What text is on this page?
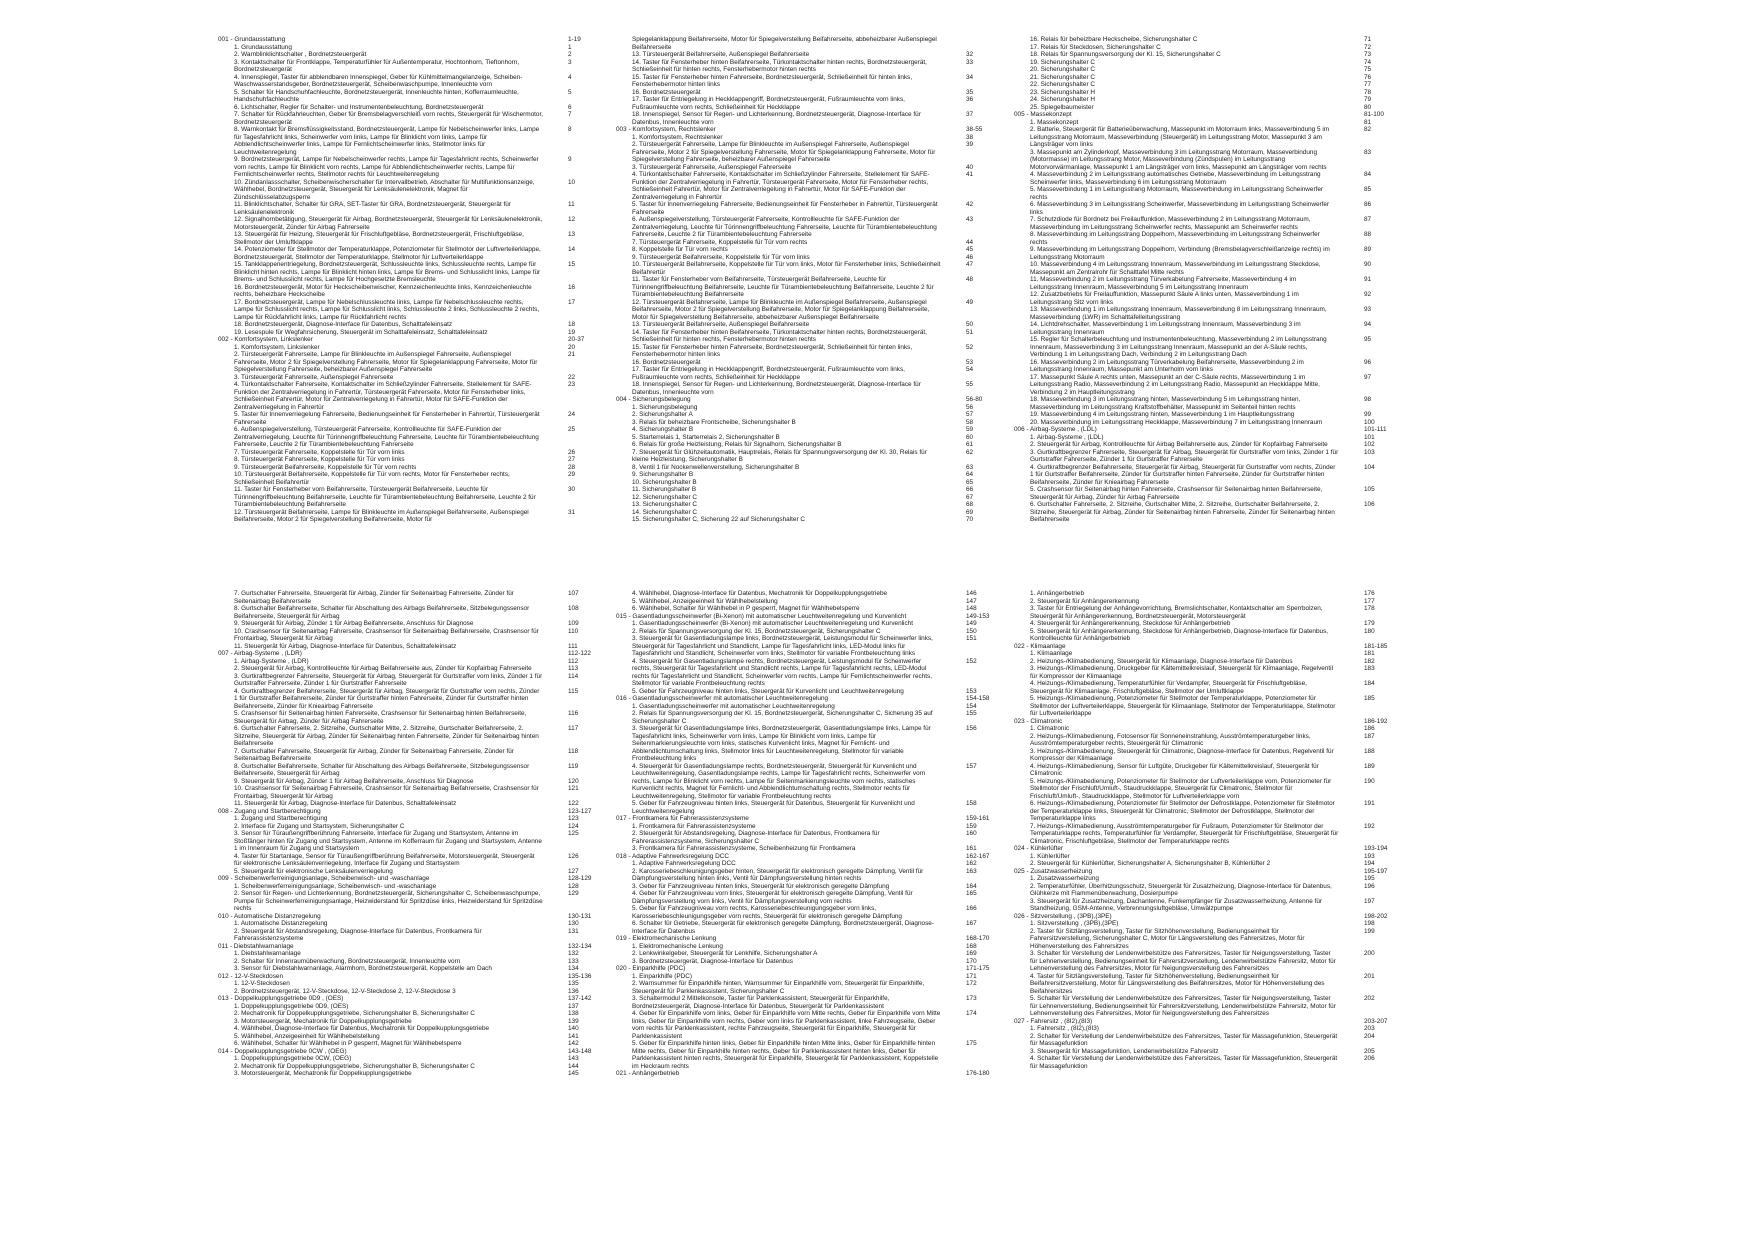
001 - Grundausstattung	1-19
1. Grundausstattung	1
2. Warnblinklichtschalter , Bordnetzsteuergerät	2
3. Kontaktschalter für Frontklappe, Temperaturfühler für Außentemperatur, Hochtonhorn, Tieftonhorn, Bordnetzsteuergerät
3
4. Innenspiegel, Taster für abblendbaren Innenspiegel, Geber für Kühlmittelmangelanzeige, Scheiben-Waschwasserstandsgeber, Bordnetzsteuergerät, Scheibenwaschpumpe, Innenleuchte vorn
4
5. Schalter für Handschuhfachleuchte, Bordnetzsteuergerät, Innenleuchte hinten, Kofferraumleuchte, Handschuhfachleuchte
5
6. Lichtschalter, Regler für Schalter- und Instrumentenbeleuchtung, Bordnetzsteuergerät	6
7. Schalter für Rückfahrleuchten, Geber für Bremsbelagverschleiß vorn rechts, Steuergerät für Wischermotor, Bordnetzsteuergerät
7
8. Warnkontakt für Bremsflüssigkeitsstand, Bordnetzsteuergerät, Lampe für Nebelscheinwerfer links, Lampe für Tagesfahrlicht links, Scheinwerfer vorn links, Lampe für Blinklicht vorn links, Lampe für Abblendlichtscheinwerfer links, Lampe für Fernlichtscheinwerfer links, Stellmotor links für Leuchtweitenregelung
8
9. Bordnetzsteuergerät, Lampe für Nebelscheinwerfer rechts, Lampe für Tagesfahrlicht rechts, Scheinwerfer vorn rechts, Lampe für Blinklicht vorn rechts, Lampe für Abblendlichtscheinwerfer rechts, Lampe für Fernlichtscheinwerfer rechts, Stellmotor rechts für Leuchtweitenregelung
9
10. Zündanlassschalter, Scheibenwischerschalter für Intervallbetrieb, Abschalter für Multifunktionsanzeige, Wählhebel, Bordnetzsteuergerät, Steuergerät für Lenksäulenelektronik, Magnet für Zündschlüsselabzugsperre
10
11. Blinklichtschalter, Schalter für GRA, SET-Taster für GRA, Bordnetzsteuergerät, Steuergerät für Lenksäulenelektronik
11
12. Signalhornbetätigung, Steuergerät für Airbag, Bordnetzsteuergerät, Steuergerät für Lenksäulenelektronik, Motorsteuergerät, Zünder für Airbag Fahrerseite
12
13. Steuergerät für Heizung, Steuergerät für Frischluftgebläse, Bordnetzsteuergerät, Frischluftgebläse, Stellmotor der Umluftklappe
13
14. Potenziometer für Stellmotor der Temperaturklappe, Potenziometer für Stellmotor der Luftverteilerklappe, Bordnetzsteuergerät, Stellmotor der Temperaturklappe, Stellmotor für Luftverteilerklappe
14
15. Tankklappenentriegelung, Bordnetzsteuergerät, Schlussleuchte links, Schlussleuchte rechts, Lampe für Blinklicht hinten rechts, Lampe für Blinklicht hinten links, Lampe für Brems- und Schlusslicht links, Lampe für Brems- und Schlusslicht rechts, Lampe für Hochgesetzte Bremsleuchte
15
16. Bordnetzsteuergerät, Motor für Heckscheibenwischer, Kennzeichenleuchte links, Kennzeichenleuchte rechts, beheizbare Heckscheibe
16
17. Bordnetzsteuergerät, Lampe für Nebelschlussleuchte links, Lampe für Nebelschlussleuchte rechts, Lampe für Schlusslicht rechts, Lampe für Schlusslicht links, Schlussleuchte 2 links, Schlussleuchte 2 rechts, Lampe für Rückfahrlicht links, Lampe für Rückfahrlicht rechts
17
18. Bordnetzsteuergerät, Diagnose-Interface für Datenbus, Schalttafeleinsatz	18
19. Lesespule für Wegfahrsicherung, Steuergerät im Schalttafeleinsatz, Schalttafeleinsatz	19
002 - Komfortsystem, Linkslenker	20-37
1. Komfortsystem, Linkslenker	20
2. Türsteuergerät Fahrerseite, Lampe für Blinkleuchte im Außenspiegel Fahrerseite, Außenspiegel Fahrerseite, Motor 2 für Spiegelverstellung Fahrerseite, Motor für Spiegelanklappung Fahrerseite, Motor für Spiegelverstellung Fahrerseite, beheizbarer Außenspiegel Fahrerseite
21
3. Türsteuergerät Fahrerseite, Außenspiegel Fahrerseite	22
4. Türkontaktschalter Fahrerseite, Kontaktschalter im Schließzylinder Fahrerseite, Stellelement für SAFE-Funktion der Zentralverriegelung in Fahrertür, Türsteuergerät Fahrerseite, Motor für Fensterheber links, Schließeinheit Fahrertür, Motor für Zentralverriegelung in Fahrertür, Motor für SAFE-Funktion der Zentralverriegelung in Fahrertür
23
5. Taster für Innenverriegelung Fahrerseite, Bedienungseinheit für Fensterheber in Fahrertür, Türsteuergerät Fahrerseite
24
6. Außenspiegelverstellung, Türsteuergerät Fahrerseite, Kontrollleuchte für SAFE-Funktion der Zentralverriegelung, Leuchte für Türinnengriffbeleuchtung Fahrerseite, Leuchte für Türambientebeleuchtung Fahrerseite, Leuchte 2 für Türambientebeleuchtung Fahrerseite
25
7. Türsteuergerät Fahrerseite, Koppelstelle für Tür vorn links	26
8. Türsteuergerät Fahrerseite, Koppelstelle für Tür vorn links	27
9. Türsteuergerät Beifahrerseite, Koppelstelle für Tür vorn rechts	28
10. Türsteuergerät Beifahrerseite, Koppelstelle für Tür vorn rechts, Motor für Fensterheber rechts, Schließeinheit Beifahrertür
29
11. Taster für Fensterheber vorn Beifahrerseite, Türsteuergerät Beifahrerseite, Leuchte für Türinnengriffbeleuchtung Beifahrerseite, Leuchte für Türambientebeleuchtung Beifahrerseite, Leuchte 2 für Türambientebeleuchtung Beifahrerseite
30
12. Türsteuergerät Beifahrerseite, Lampe für Blinkleuchte im Außenspiegel Beifahrerseite, Außenspiegel Beifahrerseite, Motor 2 für Spiegelverstellung Beifahrerseite, Motor für
31
Spiegelanklappung Beifahrerseite, Motor für Spiegelverstellung Beifahrerseite, abbeheizbarer Außenspiegel Beifahrerseite
13. Türsteuergerät Beifahrerseite, Außenspiegel Beifahrerseite	32
14. Taster für Fensterheber hinten Beifahrerseite, Türkontaktschalter hinten rechts, Bordnetzsteuergerät, Schließeinheit für hinten rechts, Fensterhebermotor hinten rechts
33
15. Taster für Fensterheber hinten Fahrerseite, Bordnetzsteuergerät, Schließeinheit für hinten links, Fensterhebermotor hinten links
34
16. Bordnetzsteuergerät	35
17. Taster für Entriegelung in Heckklappengriff, Bordnetzsteuergerät, Fußraumleuchte vorn links, Fußraumleuchte vorn rechts, Schließeinheit für Heckklappe
36
18. Innenspiegel, Sensor für Regen- und Lichterkennung, Bordnetzsteuergerät, Diagnose-Interface für Datenbus, Innenleuchte vorn
37
003 - Komfortsystem, Rechtslenker	38-55
1. Komfortsystem, Rechtslenker	38
2. Türsteuergerät Fahrerseite, Lampe für Blinkleuchte im Außenspiegel Fahrerseite, Außenspiegel Fahrerseite, Motor 2 für Spiegelverstellung Fahrerseite, Motor für Spiegelanklappung Fahrerseite, Motor für Spiegelverstellung Fahrerseite, beheizbarer Außenspiegel Fahrerseite
39
3. Türsteuergerät Fahrerseite, Außenspiegel Fahrerseite	40
4. Türkontaktschalter Fahrerseite, Kontaktschalter im Schließzylinder Fahrerseite, Stellelement für SAFE-Funktion der Zentralverriegelung in Fahrertür, Türsteuergerät Fahrerseite, Motor für Fensterheber rechts, Schließeinheit Fahrertür, Motor für Zentralverriegelung in Fahrertür, Motor für SAFE-Funktion der Zentralverriegelung in Fahrertür
41
5. Taster für Innenverriegelung Fahrerseite, Bedienungseinheit für Fensterheber in Fahrertür, Türsteuergerät Fahrerseite
42
6. Außenspiegelverstellung, Türsteuergerät Fahrerseite, Kontrollleuchte für SAFE-Funktion der Zentralverriegelung, Leuchte für Türinnengriffbeleuchtung Fahrerseite, Leuchte für Türambientebeleuchtung Fahrerseite, Leuchte 2 für Türambientebeleuchtung Fahrerseite
43
7. Türsteuergerät Fahrerseite, Koppelstelle für Tür vorn rechts	44
8. Koppelstelle für Tür vorn rechts	45
9. Türsteuergerät Beifahrerseite, Koppelstelle für Tür vorn links	46
10. Türsteuergerät Beifahrerseite, Koppelstelle für Tür vorn links, Motor für Fensterheber links, Schließeinheit Beifahrertür
47
11. Taster für Fensterheber vorn Beifahrerseite, Türsteuergerät Beifahrerseite, Leuchte für Türinnengriffbeleuchtung Beifahrerseite, Leuchte für Türambientebeleuchtung Beifahrerseite, Leuchte 2 für Türambientebeleuchtung Beifahrerseite
48
12. Türsteuergerät Beifahrerseite, Lampe für Blinkleuchte im Außenspiegel Beifahrerseite, Außenspiegel Beifahrerseite, Motor 2 für Spiegelverstellung Beifahrerseite, Motor für Spiegelanklappung Beifahrerseite, Motor für Spiegelverstellung Beifahrerseite, abbeheizbarer Außenspiegel Beifahrerseite
49
13. Türsteuergerät Beifahrerseite, Außenspiegel Beifahrerseite	50
14. Taster für Fensterheber hinten Beifahrerseite, Türkontaktschalter hinten rechts, Bordnetzsteuergerät, Schließeinheit für hinten rechts, Fensterhebermotor hinten rechts
51
15. Taster für Fensterheber hinten Fahrerseite, Bordnetzsteuergerät, Schließeinheit für hinten links, Fensterhebermotor hinten links
52
16. Bordnetzsteuergerät	53
17. Taster für Entriegelung in Heckklappengriff, Bordnetzsteuergerät, Fußraumleuchte vorn links, Fußraumleuchte vorn rechts, Schließeinheit für Heckklappe
54
18. Innenspiegel, Sensor für Regen- und Lichterkennung, Bordnetzsteuergerät, Diagnose-Interface für Datenbus, Innenleuchte vorn
55
004 - Sicherungsbelegung	56-80
1. Sicherungsbelegung	56
2. Sicherungshalter A	57
3. Relais für beheizbare Frontscheibe, Sicherungshalter B	58
4. Sicherungshalter B	59
5. Starterrelais 1, Starterrelais 2, Sicherungshalter B	60
6. Relais für große Heizleistung, Relais für Signalhorn, Sicherungshalter B	61
7. Steuergerät für Glühzeitautomatik, Hauptrelais, Relais für Spannungsversorgung der Kl. 30, Relais für kleine Heizleistung, Sicherungshalter B
62
8. Ventil 1 für Nockenwellenverstellung, Sicherungshalter B	63
9. Sicherungshalter B	64
10. Sicherungshalter B	65
11. Sicherungshalter B	66
12. Sicherungshalter C	67
13. Sicherungshalter C	68
14. Sicherungshalter C	69
15. Sicherungshalter C, Sicherung 22 auf Sicherungshalter C	70
16. Relais für beheizbare Heckscheibe, Sicherungshalter C	71
17. Relais für Steckdosen, Sicherungshalter C	72
18. Relais für Spannungsversorgung der Kl. 15, Sicherungshalter C	73
19. Sicherungshalter C	74
20. Sicherungshalter C	75
21. Sicherungshalter C	76
22. Sicherungshalter C	77
23. Sicherungshalter H	78
24. Sicherungshalter H	79
25. Spiegelbaumeister	80
005 - Massekonzept	81-100
1. Massekonzept	81
2. Batterie, Steuergerät für Batterieüberwachung, Massepunkt im Motorraum links, Masseverbindung 5 im Leitungsstrang Motorraum, Masseverbindung (Steuergerät) im Leitungsstrang Motor, Massepunkt 3 am Längsträger vorn links
82
3. Massepunkt am Zylinderkopf, Masseverbindung 3 im Leitungsstrang Motorraum, Masseverbindung (Motormasse) im Leitungsstrang Motor, Masseverbindung (Zündspulen) im Leitungsstrang Motorvorwärmanlage, Massepunkt 1 am Längsträger vorn links, Massepunkt am Längsträger vorn rechts
83
4. Masseverbindung 2 im Leitungsstrang automatisches Getriebe, Masseverbindung im Leitungsstrang Scheinwerfer links, Masseverbindung 6 im Leitungsstrang Motorraum
84
5. Masseverbindung 1 im Leitungsstrang Motorraum, Masseverbindung im Leitungsstrang Scheinwerfer rechts
85
6. Masseverbindung 3 im Leitungsstrang Scheinwerfer, Masseverbindung im Leitungsstrang Scheinwerfer links
86
7. Schutzdiode für Bordnetz bei Freilauffunktion, Masseverbindung 2 im Leitungsstrang Motorraum, Masseverbindung im Leitungsstrang Scheinwerfer rechts, Massepunkt am Scheinwerfer rechts
87
8. Masseverbindung im Leitungsstrang Doppelhorn, Masseverbindung im Leitungsstrang Scheinwerfer rechts
88
9. Masseverbindung im Leitungsstrang Doppelhorn, Verbindung (Bremsbelagverschleißanzeige rechts) im Leitungsstrang Motorraum
89
10. Masseverbindung 4 im Leitungsstrang Innenraum, Masseverbindung im Leitungsstrang Steckdose, Massepunkt am Zentralrohr für Schalttafel Mitte rechts
90
11. Masseverbindung 2 im Leitungsstrang Türverkabelung Fahrerseite, Masseverbindung 4 im Leitungsstrang Innenraum, Masseverbindung 5 im Leitungsstrang Innenraum
91
12. Zusatzbetriebs für Freilauffunktion, Massepunkt Säule A links unten, Masseverbindung 1 im Leitungsstrang Sitz vorn links
92
13. Masseverbindung 1 im Leitungsstrang Innenraum, Masseverbindung 8 im Leitungsstrang Innenraum, Masseverbindung (LWR) im Schalttafelleitungsstrang
93
14. Lichtdrehschalter, Masseverbindung 1 im Leitungsstrang Innenraum, Masseverbindung 3 im Leitungsstrang Innenraum
94
15. Regler für Schalterbeleuchtung und Instrumentenbeleuchtung, Masseverbindung 2 im Leitungsstrang Innenraum, Masseverbindung 3 im Leitungsstrang Innenraum, Massepunkt an der A-Säule rechts, Verbindung 1 im Leitungsstrang Dach, Verbindung 2 im Leitungsstrang Dach
95
16. Masseverbindung 2 im Leitungsstrang Türverkabelung Beifahrerseite, Masseverbindung 2 im Leitungsstrang Innenraum, Massepunkt am Unterholm vorn links
96
17. Massepunkt Säule A rechts unten, Massepunkt an der C-Säule rechts, Masseverbindung 1 im Leitungsstrang Radio, Masseverbindung 2 im Leitungsstrang Radio, Massepunkt an Heckklappe Mitte, Verbindung 2 im Hauptleitungsstrang
97
18. Masseverbindung 3 im Leitungsstrang hinten, Masseverbindung 5 im Leitungsstrang hinten, Masseverbindung im Leitungsstrang Kraftstoffbehälter, Massepunkt im Seitenteil hinten rechts
98
19. Masseverbindung 4 im Leitungsstrang hinten, Masseverbindung 1 im Hauptleitungsstrang	99
20. Masseverbindung im Leitungsstrang Heckklappe, Masseverbindung 7 im Leitungsstrang Innenraum	100
006 - Airbag-Systeme , (LDL)	101-111
1. Airbag-Systeme , (LDL)	101
2. Steuergerät für Airbag, Kontrollleuchte für Airbag Beifahrerseite aus, Zünder für Kopfairbag Fahrerseite	102
3. Gurtkraftbegrenzer Fahrerseite, Steuergerät für Airbag, Steuergerät für Gurtstraffer vorn links, Zünder 1 für Gurtstraffer Fahrerseite, Zünder 1 für Gurtstraffer Fahrerseite
103
4. Gurtkraftbegrenzer Beifahrerseite, Steuergerät für Airbag, Steuergerät für Gurtstraffer vorn rechts, Zünder 1 für Gurtstraffer Beifahrerseite, Zünder für Gurtstraffer hinten Fahrerseite, Zünder für Gurtstraffer hinten Beifahrerseite, Zünder für Knieairbag Fahrerseite
104
5. Crashsensor für Seitenairbag hinten Fahrerseite, Crashsensor für Seitenairbag hinten Beifahrerseite, Steuergerät für Airbag, Zünder für Airbag Fahrerseite
105
6. Gurtschalter Fahrerseite, 2. Sitzreihe, Gurtschalter Mitte, 2. Sitzreihe, Gurtschalter Beifahrerseite, 2. Sitzreihe, Steuergerät für Airbag, Zünder für Seitenairbag hinten Fahrerseite, Zünder für Seitenairbag hinten Beifahrerseite
106
7. Gurtschalter Fahrerseite, Steuergerät für Airbag, Zünder für Seitenairbag Fahrerseite, Zünder für Seitenairbag Beifahrerseite
107
8. Gurtschalter Beifahrerseite, Schalter für Abschaltung des Airbags Beifahrerseite, Sitzbelegungssensor Beifahrerseite, Steuergerät für Airbag
108
9. Steuergerät für Airbag, Zünder 1 für Airbag Beifahrerseite, Anschluss für Diagnose	109
10. Crashsensor für Seitenairbag Fahrerseite, Crashsensor für Seitenairbag Beifahrerseite, Crashsensor für Frontairbag, Steuergerät für Airbag
110
11. Steuergerät für Airbag, Diagnose-Interface für Datenbus, Schalttafeleinsatz	111
007 - Airbag-Systeme , (LDR)	112-122
1. Airbag-Systeme , (LDR)	112
2. Steuergerät für Airbag, Kontrollleuchte für Airbag Beifahrerseite aus, Zünder für Kopfairbag Fahrerseite	113
3. Gurtkraftbegrenzer Fahrerseite, Steuergerät für Airbag, Steuergerät für Gurtstraffer vorn links, Zünder 1 für Gurtstraffer Fahrerseite, Zünder 1 für Gurtstraffer Fahrerseite
114
4. Gurtkraftbegrenzer Beifahrerseite, Steuergerät für Airbag, Steuergerät für Gurtstraffer vorn rechts, Zünder 1 für Gurtstraffer Beifahrerseite, Zünder für Gurtstraffer hinten Fahrerseite, Zünder für Gurtstraffer hinten Beifahrerseite, Zünder für Knieairbag Fahrerseite
115
5. Crashsensor für Seitenairbag hinten Fahrerseite, Crashsensor für Seitenairbag hinten Beifahrerseite, Steuergerät für Airbag, Zünder für Airbag Fahrerseite
116
6. Gurtschalter Fahrerseite, 2. Sitzreihe, Gurtschalter Mitte, 2. Sitzreihe, Gurtschalter Beifahrerseite, 2. Sitzreihe, Steuergerät für Airbag, Zünder für Seitenairbag hinten Fahrerseite, Zünder für Seitenairbag hinten Beifahrerseite
117
7. Gurtschalter Fahrerseite, Steuergerät für Airbag, Zünder für Seitenairbag Fahrerseite, Zünder für Seitenairbag Beifahrerseite
118
8. Gurtschalter Beifahrerseite, Schalter für Abschaltung des Airbags Beifahrerseite, Sitzbelegungssensor Beifahrerseite, Steuergerät für Airbag
119
9. Steuergerät für Airbag, Zünder 1 für Airbag Beifahrerseite, Anschluss für Diagnose	120
10. Crashsensor für Seitenairbag Fahrerseite, Crashsensor für Seitenairbag Beifahrerseite, Crashsensor für Frontairbag, Steuergerät für Airbag
121
11. Steuergerät für Airbag, Diagnose-Interface für Datenbus, Schalttafeleinsatz	122
008 - Zugang und Startberechtigung	123-127
1. Zugang und Startberechtigung	123
2. Interface für Zugang und Startsystem, Sicherungshalter C	124
3. Sensor für Türaußengriffberührung Fahrerseite, Interface für Zugang und Startsystem, Antenne im Stoßfänger hinten für Zugang und Startsystem, Antenne im Kofferraum für Zugang und Startsystem, Antenne 1 im Innenraum für Zugang und Startsystem
125
4. Taster für Startanlage, Sensor für Türaußengriffberührung Beifahrerseite, Motorsteuergerät, Steuergerät für elektronische Lenksäulenverriegelung, Interface für Zugang und Startsystem
126
5. Steuergerät für elektronische Lenksäulenverriegelung	127
009 - Scheibenwerferreinigungsanlage, Scheibenwisch- und -waschanlage	128-129
1. Scheibenwerferreinigungsanlage, Scheibenwisch- und -waschanlage	128
2. Sensor für Regen- und Lichterkennung, Bordnetzsteuergerät, Sicherungshalter C, Scheibenwaschpumpe, Pumpe für Scheinwerferreinigungsanlage, Heizwiderstand für Spritzdüse links, Heizwiderstand für Spritzdüse rechts
129
010 - Automatische Distanzregelung	130-131
1. Automatische Distanzregelung	130
2. Steuergerät für Abstandsregelung, Diagnose-Interface für Datenbus, Frontkamera für Fahrerassistenzsysteme
131
011 - Diebstahlwarnanlage	132-134
1. Diebstahlwarnanlage	132
2. Schalter für Innenraumüberwachung, Bordnetzsteuergerät, Innenleuchte vorn	133
3. Sensor für Diebstahlwarnanlage, Alarmhorn, Bordnetzsteuergerät, Koppelstelle am Dach	134
012 - 12-V-Steckdosen	135-136
1. 12-V-Steckdosen	135
2. Bordnetzsteuergerät, 12-V-Steckdose, 12-V-Steckdose 2, 12-V-Steckdose 3	136
013 - Doppelkupplungsgetriebe 0D9 , (OES)	137-142
1. Doppelkupplungsgetriebe 0D9, (OES)	137
2. Mechatronik für Doppelkupplungsgetriebe, Sicherungshalter B, Sicherungshalter C	138
3. Motorsteuergerät, Mechatronik für Doppelkupplungsgetriebe	139
4. Wählhebel, Diagnose-Interface für Datenbus, Mechatronik für Doppelkupplungsgetriebe	140
5. Wählhebel, Anzeigeeinheit für Wählhebelstellung	141
6. Wählhebel, Schalter für Wählhebel in P gesperrt, Magnet für Wählhebelsperre	142
014 - Doppelkupplungsgetriebe 0CW , (OEG)	143-148
1. Doppelkupplungsgetriebe 0CW, (OEG)	143
2. Mechatronik für Doppelkupplungsgetriebe, Sicherungshalter B, Sicherungshalter C	144
3. Motorsteuergerät, Mechatronik für Doppelkupplungsgetriebe	145
4. Wählhebel, Diagnose-Interface für Datenbus, Mechatronik für Doppelkupplungsgetriebe	146
5. Wählhebel, Anzeigeeinheit für Wählhebelstellung	147
6. Wählhebel, Schalter für Wählhebel in P gesperrt, Magnet für Wählhebelsperre	148
015 - Gasentladungsscheinwerfer (Bi-Xenon) mit automatischer Leuchtweitenregelung und Kurvenlicht	149-153
1. Gasentladungsscheinwerfer (Bi-Xenon) mit automatischer Leuchtweitenregelung und Kurvenlicht	149
2. Relais für Spannungsversorgung der Kl. 15, Bordnetzsteuergerät, Sicherungshalter C	150
3. Steuergerät für Gasentladungslampe links, Bordnetzsteuergerät, Leistungsmodul für Scheinwerfer links, Steuergerät für Tagesfahrlicht und Standlicht, Lampe für Tagesfahrlicht links, LED-Modul links für Tagesfahrlicht und Standlicht, Scheinwerfer vorn links, Stellmotor für variable Frontbeleuchtung links
151
4. Steuergerät für Gasentladungslampe rechts, Bordnetzsteuergerät, Leistungsmodul für Scheinwerfer rechts, Steuergerät für Tagesfahrlicht und Standlicht rechts, Lampe für Tagesfahrlicht rechts, LED-Modul rechts für Tagesfahrlicht und Standlicht, Scheinwerfer vorn rechts, Lampe für Fernlichtscheinwerfer rechts, Stellmotor für variable Frontbeleuchtung rechts
152
5. Geber für Fahrzeugniveau hinten links, Steuergerät für Kurvenlicht und Leuchtweitenregelung	153
016 - Gasentladungsscheinwerfer mit automatischer Leuchtweitenregelung	154-158
1. Gasentladungsscheinwerfer mit automatischer Leuchtweitenregelung	154
2. Relais für Spannungsversorgung der Kl. 15, Bordnetzsteuergerät, Sicherungshalter C, Sicherung 35 auf Sicherungshalter C
155
3. Steuergerät für Gasentladungslampe links, Bordnetzsteuergerät, Gasentladungslampe links, Lampe für Tagesfahrlicht links, Scheinwerfer vorn links, Lampe für Blinklicht vorn links, Lampe für Seitenmarkierungsleuchte vorn links, statisches Kurvenlicht links, Magnet für Fernlicht- und Abblendlichtumschaltung links, Stellmotor links für Leuchtweitenregelung, Stellmotor für variable Frontbeleuchtung links
156
4. Steuergerät für Gasentladungslampe rechts, Bordnetzsteuergerät, Steuergerät für Kurvenlicht und Leuchtweitenregelung, Gasentladungslampe rechts, Lampe für Tagesfahrlicht rechts, Scheinwerfer vorn rechts, Lampe für Blinklicht vorn rechts, Lampe für Seitenmarkierungsleuchte vorn rechts, statisches Kurvenlicht rechts, Magnet für Fernlicht- und Abblendlichtumschaltung rechts, Stellmotor rechts für Leuchtweitenregelung, Stellmotor für variable Frontbeleuchtung rechts
157
5. Geber für Fahrzeugniveau hinten links, Steuergerät für Datenbus, Steuergerät für Kurvenlicht und Leuchtweitenregelung
158
017 - Frontkamera für Fahrerassistenzsysteme	159-161
1. Frontkamera für Fahrerassistenzsysteme	159
2. Steuergerät für Abstandsregelung, Diagnose-Interface für Datenbus, Frontkamera für Fahrerassistenzsysteme, Sicherungshalter C
160
3. Frontkamera für Fahrerassistenzsysteme, Scheibenheizung für Frontkamera	161
018 - Adaptive Fahrwerksregelung DCC	162-167
1. Adaptive Fahrwerksregelung DCC	162
2. Karosseriebeschleunigungsgeber hinten, Steuergerät für elektronisch geregelte Dämpfung, Ventil für Dämpfungsverstellung hinten links, Ventil für Dämpfungsverstellung hinten rechts
163
3. Geber für Fahrzeugniveau hinten links, Steuergerät für elektronisch geregelte Dämpfung	164
4. Geber für Fahrzeugniveau vorn links, Steuergerät für elektronisch geregelte Dämpfung, Ventil für Dämpfungsverstellung vorn links, Ventil für Dämpfungsverstellung vorn rechts
165
5. Geber für Fahrzeugniveau vorn rechts, Karosseriebeschleunigungsgeber vorn links, Karosseriebeschleunigungsgeber vorn rechts, Steuergerät für elektronisch geregelte Dämpfung
166
6. Schalter für Getriebe, Steuergerät für elektronisch geregelte Dämpfung, Bordnetzsteuergerät, Diagnose-Interface für Datenbus
167
019 - Elektromechanische Lenkung	168-170
1. Elektromechanische Lenkung	168
2. Lenkwinkelgeber, Steuergerät für Lenkhilfe, Sicherungshalter A	169
3. Bordnetzsteuergerät, Diagnose-Interface für Datenbus	170
020 - Einparkhilfe (PDC)	171-175
1. Einparkhilfe (PDC)	171
2. Warnsummer für Einparkhilfe hinten, Warnsummer für Einparkhilfe vorn, Steuergerät für Einparkhilfe, Steuergerät für Parklenkassistent, Sicherungshalter C
172
3. Schaltermodul 2 Mittelkonsole, Taster für Parklenkassistent, Steuergerät für Einparkhilfe, Bordnetzsteuergerät, Diagnose-Interface für Datenbus, Steuergerät für Parklenkassistent
173
4. Geber für Einparkhilfe vorn links, Geber für Einparkhilfe vorn Mitte rechts, Geber für Einparkhilfe vorn Mitte links, Geber für Einparkhilfe vorn rechts, Geber vorn links für Parklenkassistent, linke Fahrzeugseite, Geber vorn rechts für Parklenkassistent, rechte Fahrzeugseite, Steuergerät für Einparkhilfe, Steuergerät für Parklenkassistent
174
5. Geber für Einparkhilfe hinten links, Geber für Einparkhilfe hinten Mitte links, Geber für Einparkhilfe hinten Mitte rechts, Geber für Einparkhilfe hinten rechts, Geber für Parklenkassistent hinten links, Geber für Parklenkassistent hinten rechts, Steuergerät für Einparkhilfe, Steuergerät für Parklenkassistent, Koppelstelle im Heckraum rechts
175
021 - Anhängerbetrieb	176-180
1. Anhängerbetrieb	176
2. Steuergerät für Anhängererkennung	177
3. Taster für Entriegelung der Anhängevorrichtung, Bremslichtschalter, Kontaktschalter am Sperrbolzen, Steuergerät für Anhängererkennung, Bordnetzsteuergerät, Motorsteuergerät
178
4. Steuergerät für Anhängererkennung, Steckdose für Anhängerbetrieb	179
5. Steuergerät für Anhängererkennung, Steckdose für Anhängerbetrieb, Diagnose-Interface für Datenbus, Kontrollleuchte für Anhängerbetrieb
180
022 - Klimaanlage	181-185
1. Klimaanlage	181
2. Heizungs-/Klimabedienung, Steuergerät für Klimaanlage, Diagnose-Interface für Datenbus	182
3. Heizungs-/Klimabedienung, Druckgeber für Kältemittelkreislauf, Steuergerät für Klimaanlage, Regelventil für Kompressor der Klimaanlage
183
4. Heizungs-/Klimabedienung, Temperaturfühler für Verdampfer, Steuergerät für Frischluftgebläse, Steuergerät für Klimaanlage, Frischluftgebläse, Stellmotor der Umluftklappe
184
5. Heizungs-/Klimabedienung, Potenziometer für Stellmotor der Temperaturklappe, Potenziometer für Stellmotor der Luftverteilerklappe, Steuergerät für Klimaanlage, Stellmotor der Temperaturklappe, Stellmotor für Luftverteilerklappe
185
023 - Climatronic	186-192
1. Climatronic	186
2. Heizungs-/Klimabedienung, Fotosensor für Sonneneinstrahlung, Ausströmtemperaturgeber links, Ausströmtemperaturgeber rechts, Steuergerät für Climatronic
187
3. Heizungs-/Klimabedienung, Steuergerät für Climatronic, Diagnose-Interface für Datenbus, Regelventil für Kompressor der Klimaanlage
188
4. Heizungs-/Klimabedienung, Sensor für Luftgüte, Druckgeber für Kältemittelkreislauf, Steuergerät für Climatronic
189
5. Heizungs-/Klimabedienung, Potenziometer für Stellmotor der Luftverteilerklappe vorn, Potenziometer für Stellmotor der Frischluft/Umluft-, Staudruckklappe, Steuergerät für Climatronic, Stellmotor für Frischluft/Umluft-, Staudruckklappe, Stellmotor für Luftverteilerklappe vorn
190
6. Heizungs-/Klimabedienung, Potenziometer für Stellmotor der Defrostklappe, Potenziometer für Stellmotor der Temperaturklappe links, Steuergerät für Climatronic, Stellmotor der Defrostklappe, Stellmotor der Temperaturklappe links
191
7. Heizungs-/Klimabedienung, Ausströmtemperaturgeber für Fußraum, Potenziometer für Stellmotor der Temperaturklappe rechts, Temperaturfühler für Verdampfer, Steuergerät für Frischluftgebläse, Steuergerät für Climatronic, Frischluftgebläse, Stellmotor der Temperaturklappe rechts
192
024 - Kühlerlüfter	193-194
1. Kühlerlüfter	193
2. Steuergerät für Kühlerlüfter, Sicherungshalter A, Sicherungshalter B, Kühlerlüfter 2	194
025 - Zusatzwasserheizung	195-197
1. Zusatzwasserheizung	195
2. Temperaturfühler, Überhitzungsschutz, Steuergerät für Zusatzheizung, Diagnose-Interface für Datenbus, Glühkerze mit Flammenüberwachung, Dosierpumpe
196
3. Steuergerät für Zusatzheizung, Dachantenne, Funkempfänger für Zusatzwasserheizung, Antenne für Standheizung, GSM-Antenne, Verbrennungsluftgebläse, Umwälzpumpe
197
026 - Sitzverstellung , (3PB),(3PE)	198-202
1. Sitzverstellung , (3PB),(3PE)	198
2. Taster für Sitzlängsverstellung, Taster für Sitzhöhenverstellung, Bedienungseinheit für Fahrersitzverstellung, Sicherungshalter C, Motor für Längsverstellung des Fahrersitzes, Motor für Höhenverstellung des Fahrersitzes
199
3. Schalter für Verstellung der Lendenwirbelstütze des Fahrersitzes, Taster für Neigungsverstellung, Taster für Lehnenverstellung, Bedienungseinheit für Fahrersitzverstellung, Lendenwirbelstütze Fahrersitz, Motor für Lehnenverstellung des Fahrersitzes, Motor für Neigungsverstellung des Fahrersitzes
200
4. Taster für Sitzlängsverstellung, Taster für Sitzhöhenverstellung, Bedienungseinheit für Beifahrersitzverstellung, Motor für Längsverstellung des Beifahrersitzes, Motor für Höhenverstellung des Beifahrersitzes
201
5. Schalter für Verstellung der Lendenwirbelstütze des Fahrersitzes, Taster für Neigungsverstellung, Taster für Lehnenverstellung, Bedienungseinheit für Fahrersitzverstellung, Lendenwirbelstütze Fahrersitz, Motor für Lehnenverstellung des Fahrersitzes, Motor für Neigungsverstellung des Fahrersitzes
202
027 - Fahrersitz , (8I2),(8I3)	203-207
1. Fahrersitz , (8I2),(8I3)	203
2. Schalter für Verstellung der Lendenwirbelstütze des Fahrersitzes, Taster für Massagefunktion, Steuergerät für Massagefunktion
204
3. Steuergerät für Massagefunktion, Lendenwirbelstütze Fahrersitz	205
4. Schalter für Verstellung der Lendenwirbelstütze des Fahrersitzes, Taster für Massagefunktion, Steuergerät für Massagefunktion
206
